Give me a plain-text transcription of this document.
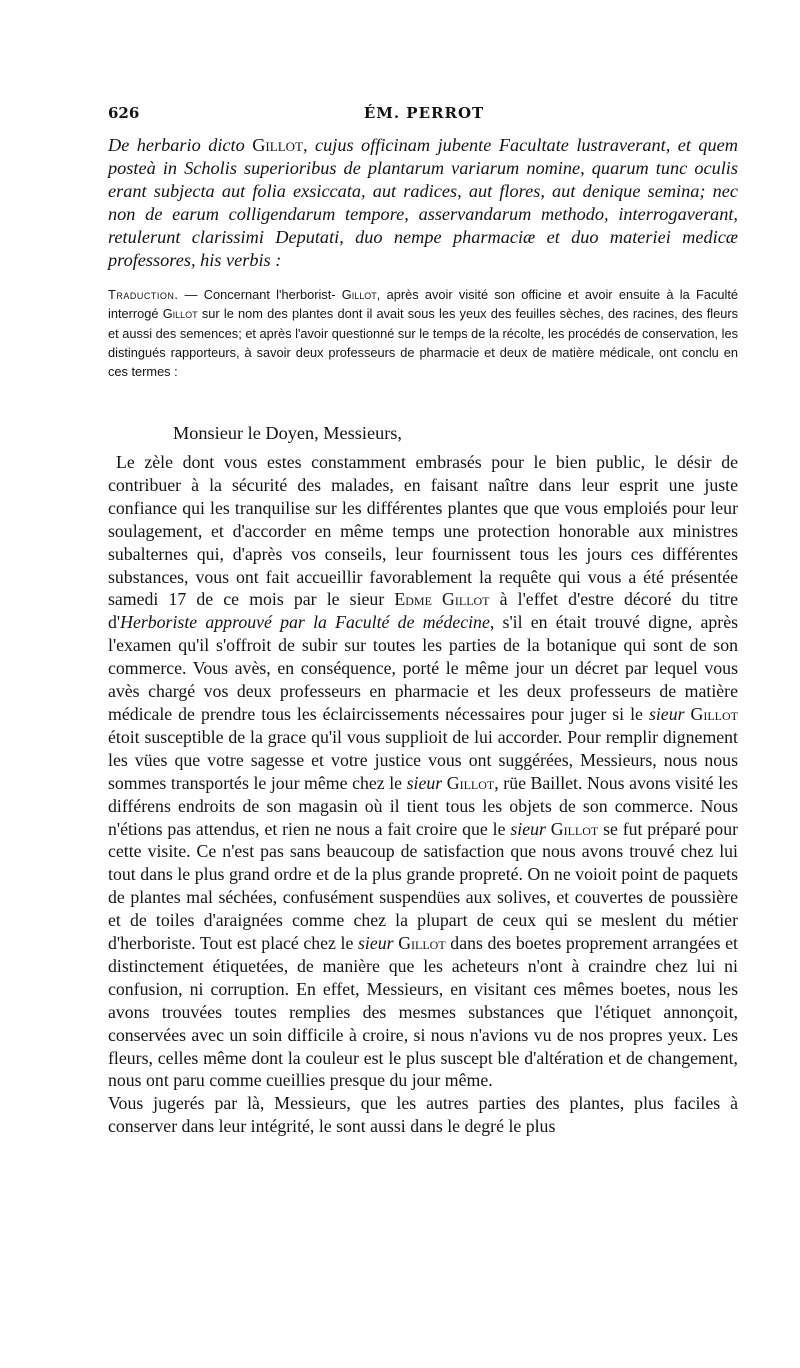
626	ÉM. PERROT
De herbario dicto Gillot, cujus officinam jubente Facultate lustraverant, et quem posteà in Scholis superioribus de plantarum variarum nomine, quarum tunc oculis erant subjecta aut folia exsiccata, aut radices, aut flores, aut denique semina; nec non de earum colligendarum tempore, asservandarum methodo, interrogaverant, retulerunt clarissimi Deputati, duo nempe pharmaciæ et duo materiei medicæ professores, his verbis :
Traduction. — Concernant l'herborist- Gillot, après avoir visité son officine et avoir ensuite à la Faculté interrogé Gillot sur le nom des plantes dont il avait sous les yeux des feuilles sèches, des racines, des fleurs et aussi des semences; et après l'avoir questionné sur le temps de la récolte, les procédés de conservation, les distingués rapporteurs, à savoir deux professeurs de pharmacie et deux de matière médicale, ont conclu en ces termes :
Monsieur le Doyen, Messieurs,

Le zèle dont vous estes constamment embrasés pour le bien public, le désir de contribuer à la sécurité des malades, en faisant naître dans leur esprit une juste confiance qui les tranquilise sur les différentes plantes que que vous emploiés pour leur soulagement, et d'accorder en même temps une protection honorable aux ministres subalternes qui, d'après vos conseils, leur fournissent tous les jours ces différentes substances, vous ont fait accueillir favorablement la requête qui vous a été présentée samedi 17 de ce mois par le sieur Edme Gillot à l'effet d'estre décoré du titre d'Herboriste approuvé par la Faculté de médecine, s'il en était trouvé digne, après l'examen qu'il s'offroit de subir sur toutes les parties de la botanique qui sont de son commerce. Vous avès, en conséquence, porté le même jour un décret par lequel vous avès chargé vos deux professeurs en pharmacie et les deux professeurs de matière médicale de prendre tous les éclaircissements nécessaires pour juger si le sieur Gillot étoit susceptible de la grace qu'il vous supplioit de lui accorder. Pour remplir dignement les vües que votre sagesse et votre justice vous ont suggérées, Messieurs, nous nous sommes transportés le jour même chez le sieur Gillot, rüe Baillet. Nous avons visité les différens endroits de son magasin où il tient tous les objets de son commerce. Nous n'étions pas attendus, et rien ne nous a fait croire que le sieur Gillot se fut préparé pour cette visite. Ce n'est pas sans beaucoup de satisfaction que nous avons trouvé chez lui tout dans le plus grand ordre et de la plus grande propreté. On ne voioit point de paquets de plantes mal séchées, confusément suspendües aux solives, et couvertes de poussière et de toiles d'araignées comme chez la plupart de ceux qui se meslent du métier d'herboriste. Tout est placé chez le sieur Gillot dans des boetes proprement arrangées et distinctement étiquetées, de manière que les acheteurs n'ont à craindre chez lui ni confusion, ni corruption. En effet, Messieurs, en visitant ces mêmes boetes, nous les avons trouvées toutes remplies des mesmes substances que l'étiquet annonçoit, conservées avec un soin difficile à croire, si nous n'avions vu de nos propres yeux. Les fleurs, celles même dont la couleur est le plus suscept ble d'altération et de changement, nous ont paru comme cueillies presque du jour même.

Vous jugerés par là, Messieurs, que les autres parties des plantes, plus faciles à conserver dans leur intégrité, le sont aussi dans le degré le plus
